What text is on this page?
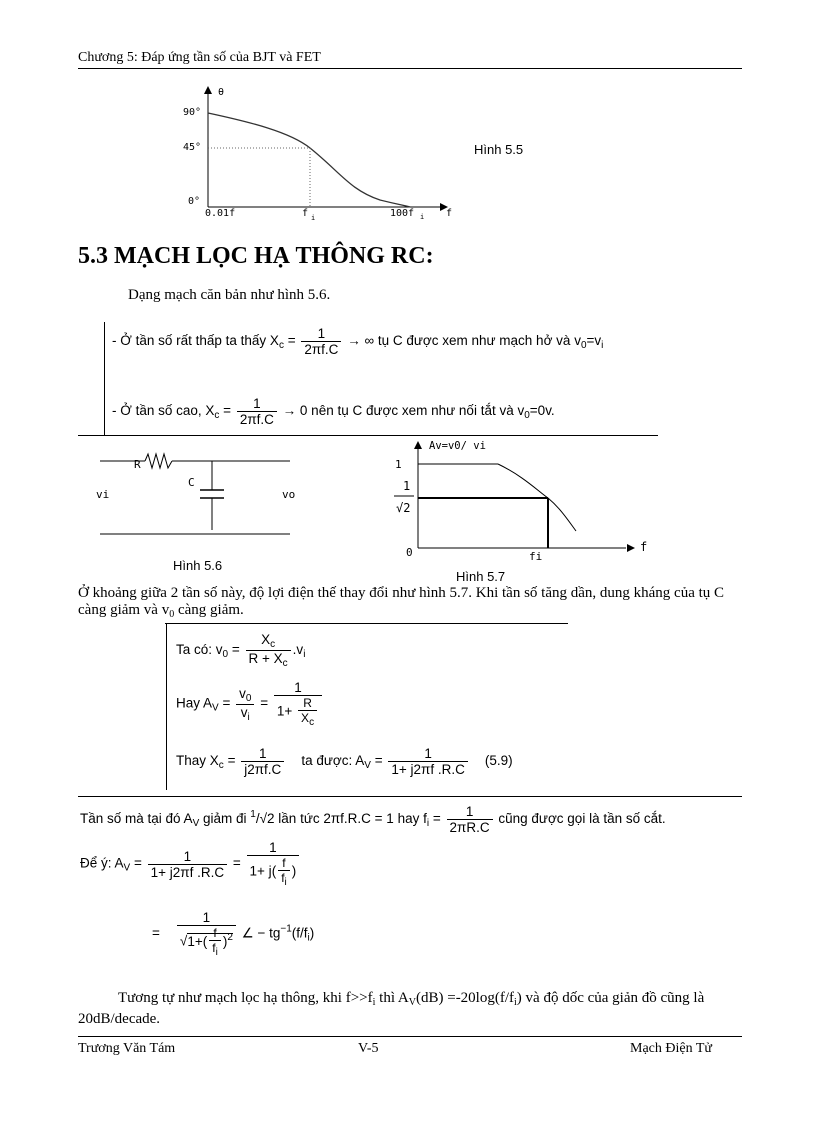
Chương 5: Đáp ứng tần số của BJT và FET
θ
90°
45°
0°
0.01f	f i	100f i f
Hình 5.5
5.3 MẠCH LỌC HẠ THÔNG RC:
Dạng mạch căn bản như hình 5.6.
- Ở tần số rất thấp ta thấy $X_c = \frac{1}{2\pi f.C}$ → ∞ tụ C được xem như mạch hở và $v_0=v_i$
- Ở tần số cao, $X_c = \frac{1}{2\pi f.C} \to 0$ nên tụ C được xem như nối tắt và $v_0=0v$.
R
C
vi	vo
Hình 5.6
Av=v0/ vi
1
1
√2
0	fi
f
Hình 5.7
Ở khoảng giữa 2 tần số này, độ lợi điện thế thay đổi như hình 5.7. Khi tần số tăng dần, dung kháng của tụ C càng giảm và $v_0$ càng giảm.
Ta có: $v_0 = \frac{X_c}{R + X_c} .v_i$
Hay $A_V = \frac{v_0}{v_i} = \frac{1}{1+ \frac{R}{X_c}}$
Thay $X_c = \frac{1}{j2\pi f.C}$ ta được: $A_V = \frac{1}{1+ j2\pi f .R.C} (5.9)$
Tần số mà tại đó $A_V$ giảm đi $^1$/√2 lần tức 2πf.R.C = 1 hay $f_i = \frac{1}{2\pi R.C}$ cũng được gọi là tần số cắt.
Để ý: $A_V = \frac{1}{1+ j2\pi f .R.C} = \frac{1}{1+ j( \frac{f}{f_i} )}$
= $\frac{1}{√1+( \frac{f}{f_i} )^2}$ ∠ − $tg^{-1}(f/f_i)$
Tương tự như mạch lọc hạ thông, khi $f>>f_i$ thì $A_V(dB) =-20\log(f/f_i)$ và độ dốc của giản đồ cũng là 20dB/decade.
Trương Văn Tám	V-5	Mạch Điện Tử
